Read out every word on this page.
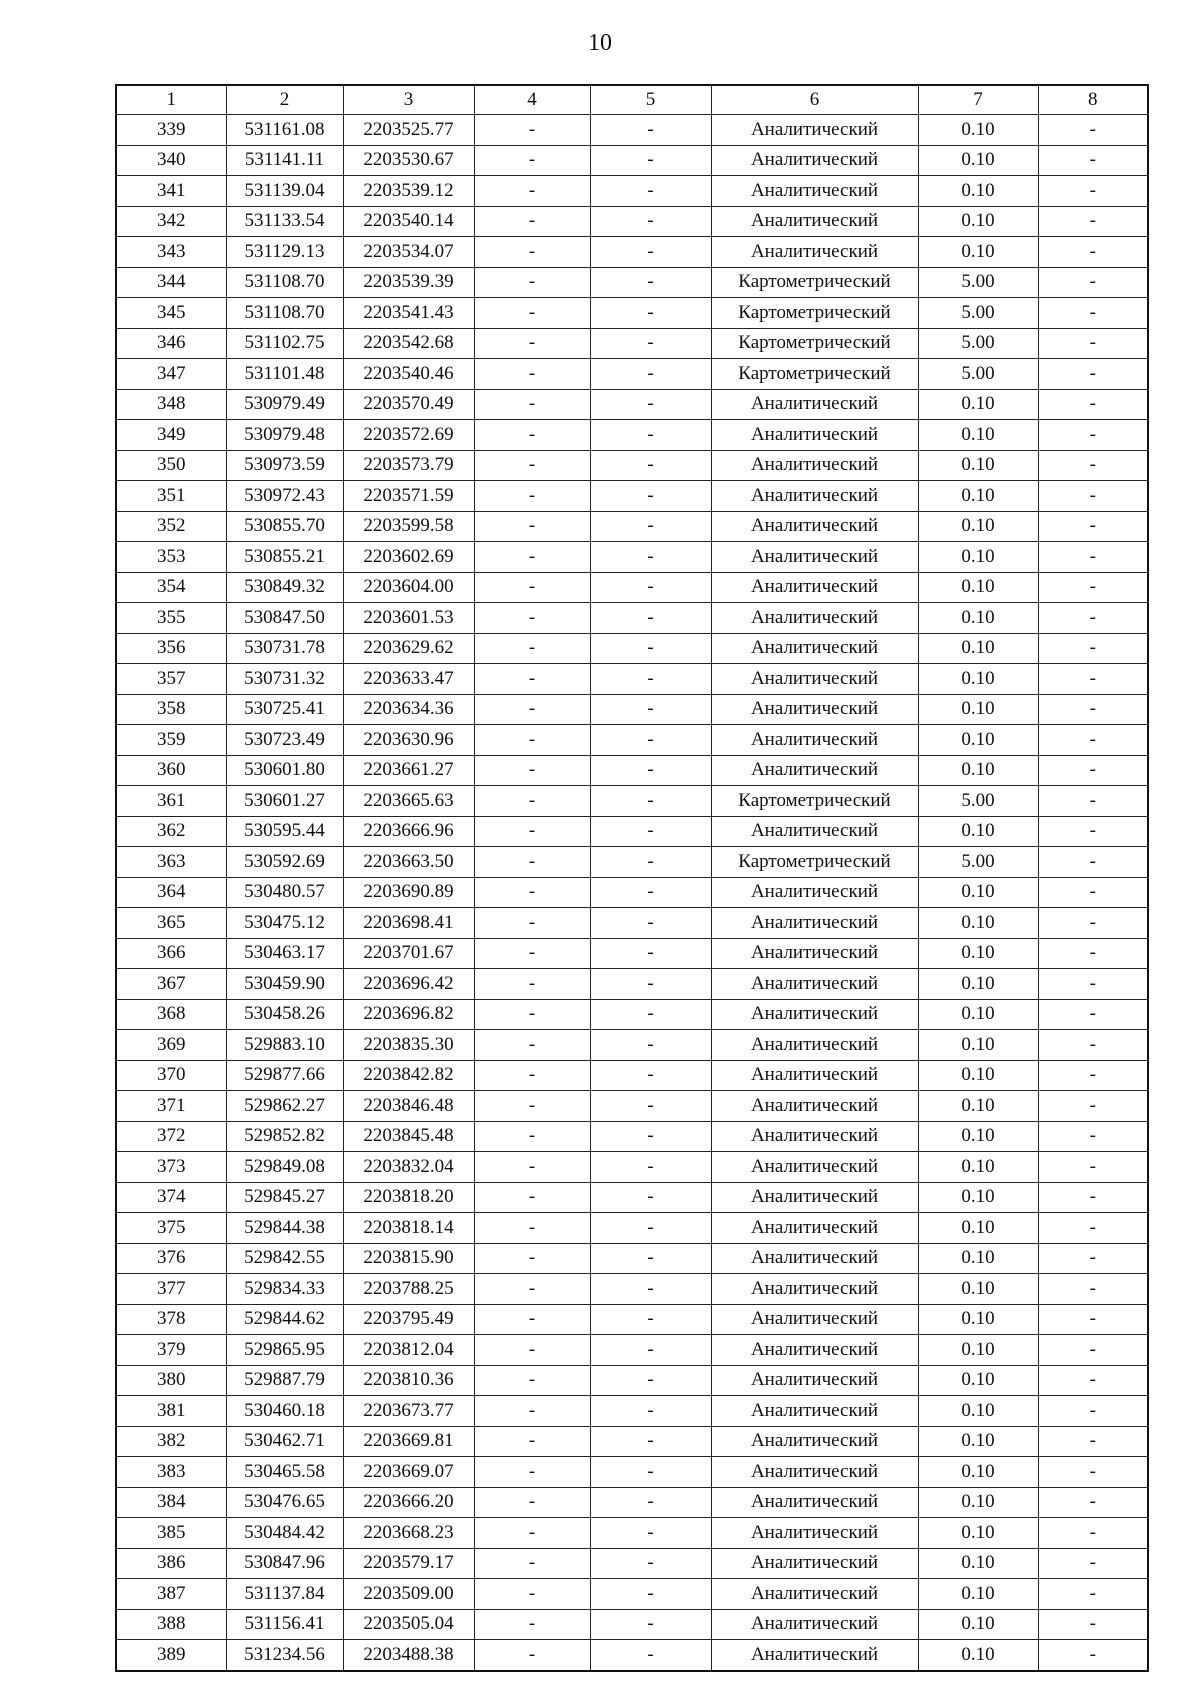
10
1	2	3	4	5	6	7	8
339	531161.08	2203525.77	-	-	Аналитический	0.10	-
340	531141.11	2203530.67	-	-	Аналитический	0.10	-
341	531139.04	2203539.12	-	-	Аналитический	0.10	-
342	531133.54	2203540.14	-	-	Аналитический	0.10	-
343	531129.13	2203534.07	-	-	Аналитический	0.10	-
344	531108.70	2203539.39	-	-	Картометрический	5.00	-
345	531108.70	2203541.43	-	-	Картометрический	5.00	-
346	531102.75	2203542.68	-	-	Картометрический	5.00	-
347	531101.48	2203540.46	-	-	Картометрический	5.00	-
348	530979.49	2203570.49	-	-	Аналитический	0.10	-
349	530979.48	2203572.69	-	-	Аналитический	0.10	-
350	530973.59	2203573.79	-	-	Аналитический	0.10	-
351	530972.43	2203571.59	-	-	Аналитический	0.10	-
352	530855.70	2203599.58	-	-	Аналитический	0.10	-
353	530855.21	2203602.69	-	-	Аналитический	0.10	-
354	530849.32	2203604.00	-	-	Аналитический	0.10	-
355	530847.50	2203601.53	-	-	Аналитический	0.10	-
356	530731.78	2203629.62	-	-	Аналитический	0.10	-
357	530731.32	2203633.47	-	-	Аналитический	0.10	-
358	530725.41	2203634.36	-	-	Аналитический	0.10	-
359	530723.49	2203630.96	-	-	Аналитический	0.10	-
360	530601.80	2203661.27	-	-	Аналитический	0.10	-
361	530601.27	2203665.63	-	-	Картометрический	5.00	-
362	530595.44	2203666.96	-	-	Аналитический	0.10	-
363	530592.69	2203663.50	-	-	Картометрический	5.00	-
364	530480.57	2203690.89	-	-	Аналитический	0.10	-
365	530475.12	2203698.41	-	-	Аналитический	0.10	-
366	530463.17	2203701.67	-	-	Аналитический	0.10	-
367	530459.90	2203696.42	-	-	Аналитический	0.10	-
368	530458.26	2203696.82	-	-	Аналитический	0.10	-
369	529883.10	2203835.30	-	-	Аналитический	0.10	-
370	529877.66	2203842.82	-	-	Аналитический	0.10	-
371	529862.27	2203846.48	-	-	Аналитический	0.10	-
372	529852.82	2203845.48	-	-	Аналитический	0.10	-
373	529849.08	2203832.04	-	-	Аналитический	0.10	-
374	529845.27	2203818.20	-	-	Аналитический	0.10	-
375	529844.38	2203818.14	-	-	Аналитический	0.10	-
376	529842.55	2203815.90	-	-	Аналитический	0.10	-
377	529834.33	2203788.25	-	-	Аналитический	0.10	-
378	529844.62	2203795.49	-	-	Аналитический	0.10	-
379	529865.95	2203812.04	-	-	Аналитический	0.10	-
380	529887.79	2203810.36	-	-	Аналитический	0.10	-
381	530460.18	2203673.77	-	-	Аналитический	0.10	-
382	530462.71	2203669.81	-	-	Аналитический	0.10	-
383	530465.58	2203669.07	-	-	Аналитический	0.10	-
384	530476.65	2203666.20	-	-	Аналитический	0.10	-
385	530484.42	2203668.23	-	-	Аналитический	0.10	-
386	530847.96	2203579.17	-	-	Аналитический	0.10	-
387	531137.84	2203509.00	-	-	Аналитический	0.10	-
388	531156.41	2203505.04	-	-	Аналитический	0.10	-
389	531234.56	2203488.38	-	-	Аналитический	0.10	-
